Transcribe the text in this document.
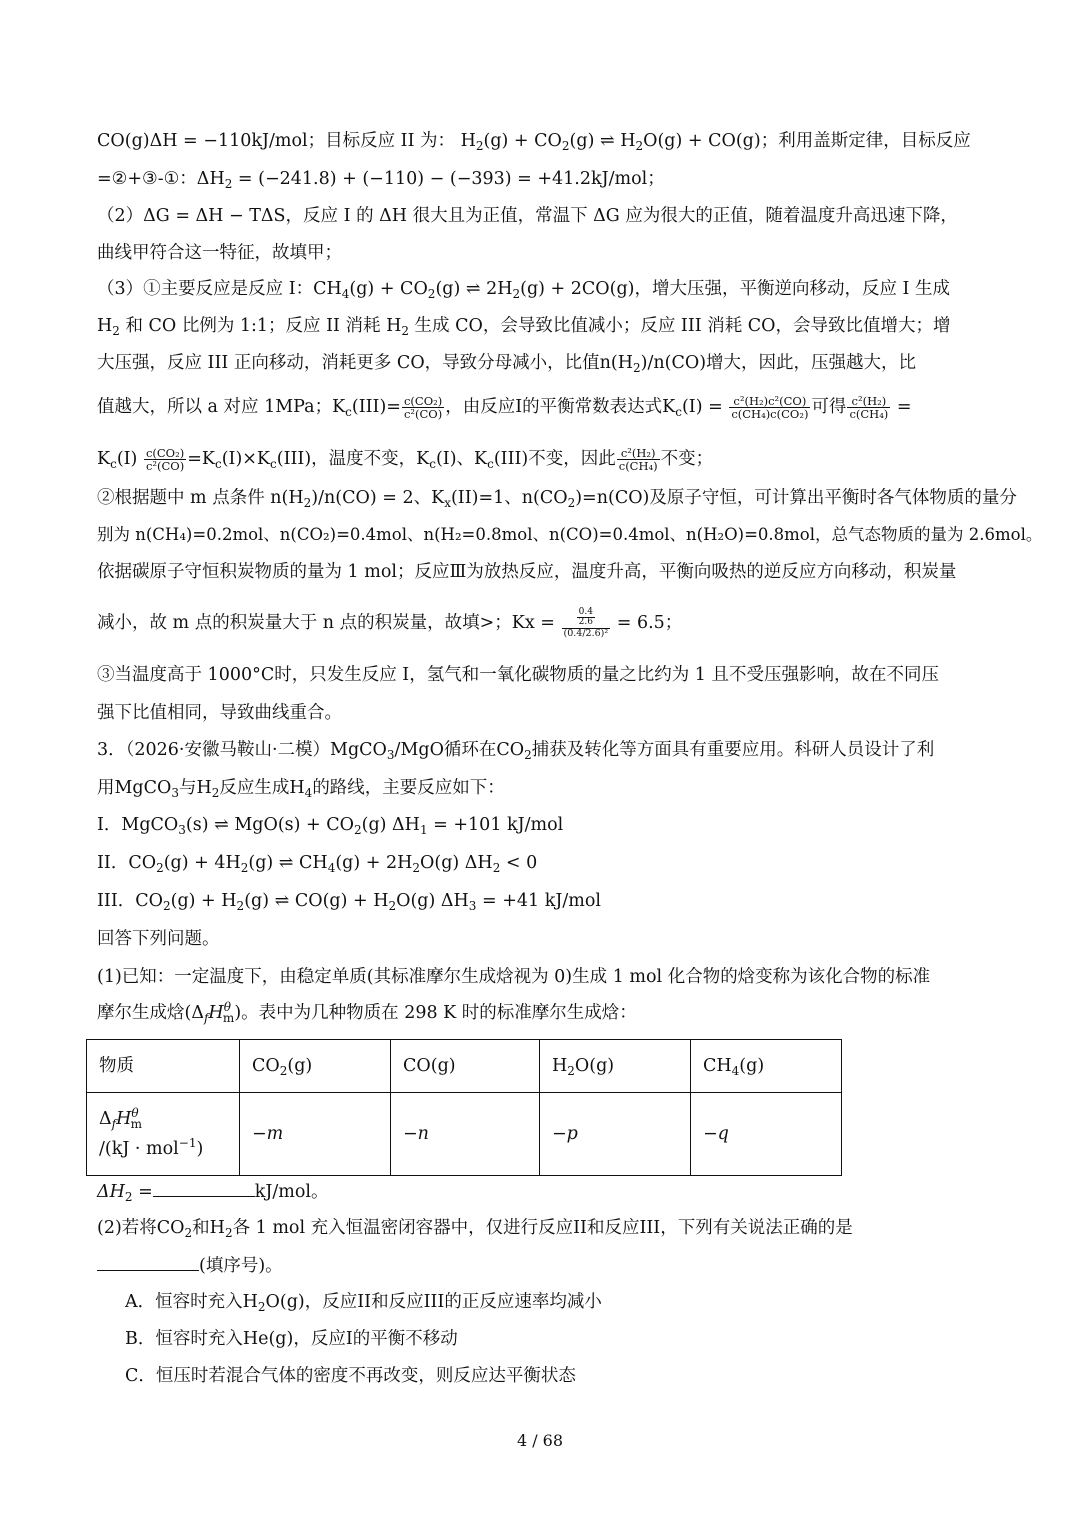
CO(g)ΔH = −110kJ/mol；目标反应 II 为： $H_2(g) + CO_2(g)$ ⇌ $H_2O(g) + CO(g)$；利用盖斯定律，目标反应
=②+③-①：$\Delta H_2 = (-241.8) + (-110) - (-393) = +41.2kJ/mol$；
（2）ΔG = ΔH − TΔS，反应 I 的 ΔH 很大且为正值，常温下 ΔG 应为很大的正值，随着温度升高迅速下降，
曲线甲符合这一特征，故填甲；
（3）①主要反应是反应 I：$CH_4(g) + CO_2(g)$ ⇌ $2H_2(g) + 2CO(g)$，增大压强，平衡逆向移动，反应 I 生成
$H_2$ 和 CO 比例为 1:1；反应 II 消耗 $H_2$ 生成 CO，会导致比值减小；反应 III 消耗 CO，会导致比值增大；增
大压强，反应 III 正向移动，消耗更多 CO，导致分母减小，比值$n(H_2)/n(CO)$增大，因此，压强越大，比
值越大，所以 a 对应 1MPa；$K_c(III)= \frac{\text{c(CO₂)}}{\text{c²(CO)}}$ ，由反应Ⅰ的平衡常数表达式$K_c(I) = \frac{\text{c²(H₂)c²(CO)}}{\text{c(CH₄)c(CO₂)}}$ 可得 $\frac{\text{c²(H₂)}}{\text{c(CH₄)}}$ =
$K_c(I) \frac{\text{c(CO₂)}}{\text{c²(CO)}} =K_c(I)\times K_c(III)$，温度不变，$K_c(I)$、$K_c(III)$不变，因此 $\frac{\text{c²(H₂)}}{\text{c(CH₄)}}$ 不变；
②根据题中 m 点条件 $n(H_2)/n(CO) = 2$、$K_x(II)=1$、$n(CO_2)=n(CO)$及原子守恒，可计算出平衡时各气体物质的量分
别为 n(CH₄)=0.2mol、n(CO₂)=0.4mol、n(H₂=0.8mol、n(CO)=0.4mol、n(H₂O)=0.8mol，总气态物质的量为 2.6mol。
依据碳原子守恒积炭物质的量为 1 mol；反应Ⅲ为放热反应，温度升高，平衡向吸热的逆反应方向移动，积炭量
减小，故 m 点的积炭量大于 n 点的积炭量，故填>；$Kx = \frac{\frac{0.4}{2.6}}{\text{(0.4/2.6)²}} = 6.5$；
③当温度高于 1000°C时，只发生反应 I，氢气和一氧化碳物质的量之比约为 1 且不受压强影响，故在不同压
强下比值相同，导致曲线重合。
3．（2026·安徽马鞍山·二模）MgCO$_3$/MgO循环在$CO_2$捕获及转化等方面具有重要应用。科研人员设计了利
用MgCO$_3$与$H_2$反应生成$H_4$的路线，主要反应如下：
I．MgCO$_3$(s) ⇌ $MgO(s) + CO_2(g) \Delta H_1 = +101$ kJ/mol
II．$CO_2(g) + 4H_2(g)$ ⇌ $CH_4(g) + 2H_2O(g) \Delta H_2 < 0$
III．$CO_2(g) + H_2(g)$ ⇌ $CO(g) + H_2O(g) \Delta H_3 = +41$ kJ/mol
回答下列问题。
(1)已知：一定温度下，由稳定单质(其标准摩尔生成焓视为 0)生成 1 mol 化合物的焓变称为该化合物的标准
摩尔生成焓$(\Delta_fH^\theta_m)$。表中为几种物质在 298 K 时的标准摩尔生成焓：
物质	$CO_2(g)$	CO(g)	$H_2O(g)$	$CH_4(g)$

$\Delta_fH^\theta_m$
/(kJ · mol$^{-1}$)	−m	−n	−p	−q
$\Delta H_2$ =	kJ/mol。
(2)若将$CO_2$和$H_2$各 1 mol 充入恒温密闭容器中，仅进行反应II和反应III，下列有关说法正确的是
(填序号)。
A．恒容时充入$H_2O(g)$，反应II和反应III的正反应速率均减小
B．恒容时充入He(g)，反应I的平衡不移动
C．恒压时若混合气体的密度不再改变，则反应达平衡状态
4 / 68
